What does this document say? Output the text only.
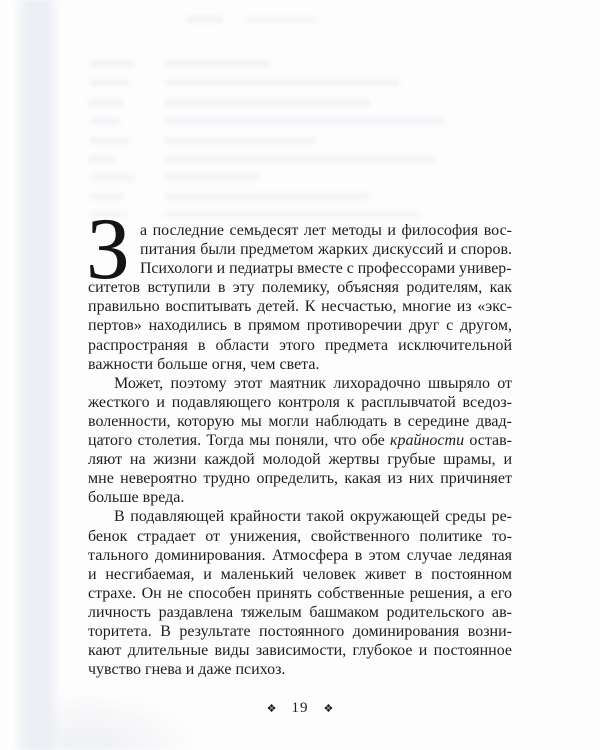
З а последние семьдесят лет методы и философия вос-
питания были предметом жарких дискуссий и споров.
Психологи и педиатры вместе с профессорами универ-
ситетов вступили в эту полемику, объясняя родителям, как
правильно воспитывать детей. К несчастью, многие из «экс-
пертов» находились в прямом противоречии друг с другом,
распространяя в области этого предмета исключительной
важности больше огня, чем света.
Может, поэтому этот маятник лихорадочно швыряло от
жесткого и подавляющего контроля к расплывчатой вседоз-
воленности, которую мы могли наблюдать в середине двад-
цатого столетия. Тогда мы поняли, что обе крайности остав-
ляют на жизни каждой молодой жертвы грубые шрамы, и
мне невероятно трудно определить, какая из них причиняет
больше вреда.
В подавляющей крайности такой окружающей среды ре-
бенок страдает от унижения, свойственного политике то-
тального доминирования. Атмосфера в этом случае ледяная
и несгибаемая, и маленький человек живет в постоянном
страхе. Он не способен принять собственные решения, а его
личность раздавлена тяжелым башмаком родительского ав-
торитета. В результате постоянного доминирования возни-
кают длительные виды зависимости, глубокое и постоянное
чувство гнева и даже психоз.
❖ 19 ❖
